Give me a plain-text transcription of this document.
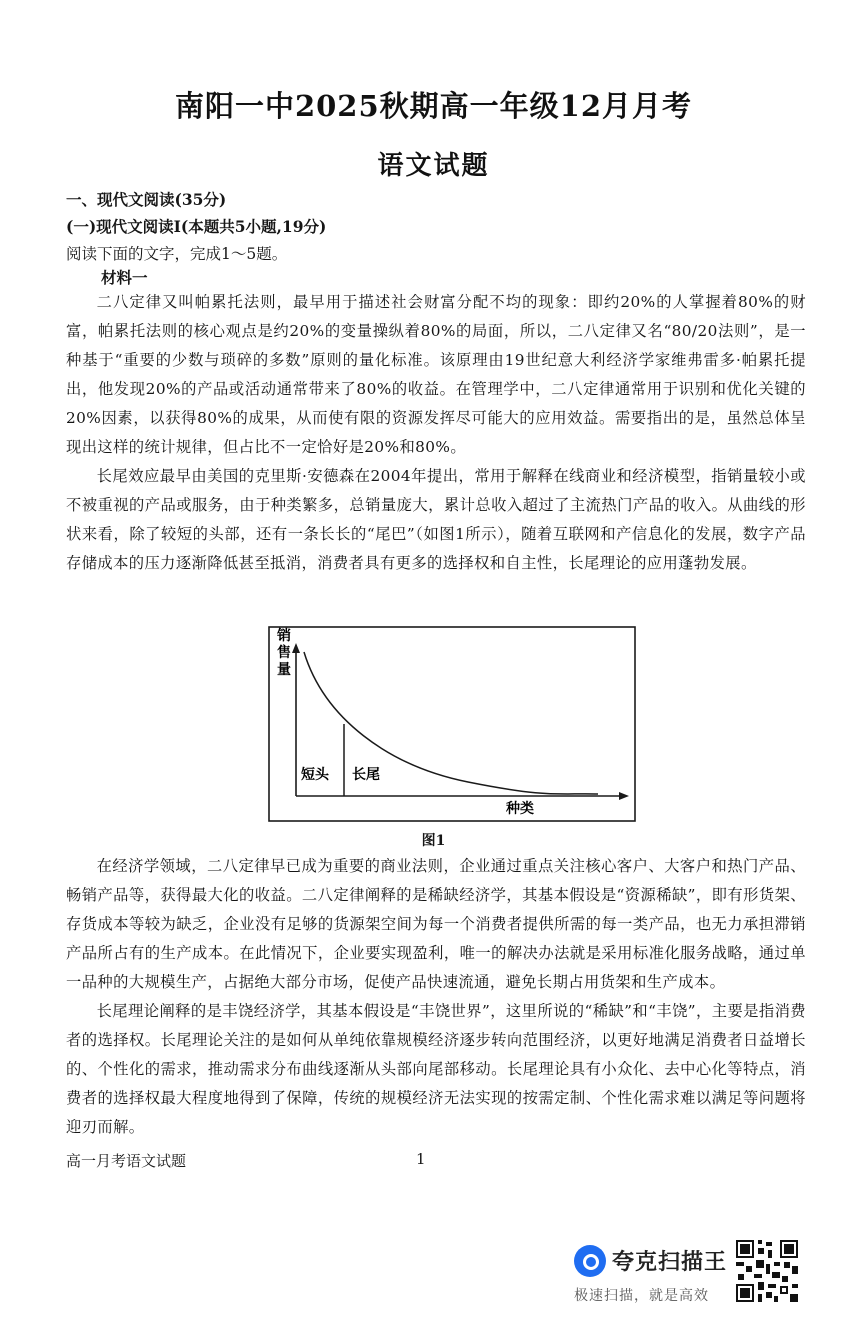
南阳一中2025秋期高一年级12月月考
语文试题
一、现代文阅读(35分)
(一)现代文阅读Ⅰ(本题共5小题,19分)
阅读下面的文字，完成1～5题。
材料一

二八定律又叫帕累托法则，最早用于描述社会财富分配不均的现象：即约20%的人掌握着80%的财富，帕累托法则的核心观点是约20%的变量操纵着80%的局面，所以，二八定律又名“80/20法则”，是一种基于“重要的少数与琐碎的多数”原则的量化标准。该原理由19世纪意大利经济学家维弗雷多·帕累托提出，他发现20%的产品或活动通常带来了80%的收益。在管理学中，二八定律通常用于识别和优化关键的20%因素，以获得80%的成果，从而使有限的资源发挥尽可能大的应用效益。需要指出的是，虽然总体呈现出这样的统计规律，但占比不一定恰好是20%和80%。

长尾效应最早由美国的克里斯·安德森在2004年提出，常用于解释在线商业和经济模型，指销量较小或不被重视的产品或服务，由于种类繁多，总销量庞大，累计总收入超过了主流热门产品的收入。从曲线的形状来看，除了较短的头部，还有一条长长的“尾巴”（如图1所示），随着互联网和产信息化的发展，数字产品存储成本的压力逐渐降低甚至抵消，消费者具有更多的选择权和自主性，长尾理论的应用蓬勃发展。

销售量
短头 长尾
种类
图1

在经济学领域，二八定律早已成为重要的商业法则，企业通过重点关注核心客户、大客户和热门产品、畅销产品等，获得最大化的收益。二八定律阐释的是稀缺经济学，其基本假设是“资源稀缺”，即有形货架、存货成本等较为缺乏，企业没有足够的货源架空间为每一个消费者提供所需的每一类产品，也无力承担滞销产品所占有的生产成本。在此情况下，企业要实现盈利，唯一的解决办法就是采用标准化服务战略，通过单一品种的大规模生产，占据绝大部分市场，促使产品快速流通，避免长期占用货架和生产成本。

长尾理论阐释的是丰饶经济学，其基本假设是“丰饶世界”，这里所说的“稀缺”和“丰饶”，主要是指消费者的选择权。长尾理论关注的是如何从单纯依靠规模经济逐步转向范围经济，以更好地满足消费者日益增长的、个性化的需求，推动需求分布曲线逐渐从头部向尾部移动。长尾理论具有小众化、去中心化等特点，消费者的选择权最大程度地得到了保障，传统的规模经济无法实现的按需定制、个性化需求难以满足等问题将迎刃而解。

高一月考语文试题	1
夸克扫描王
极速扫描，就是高效
